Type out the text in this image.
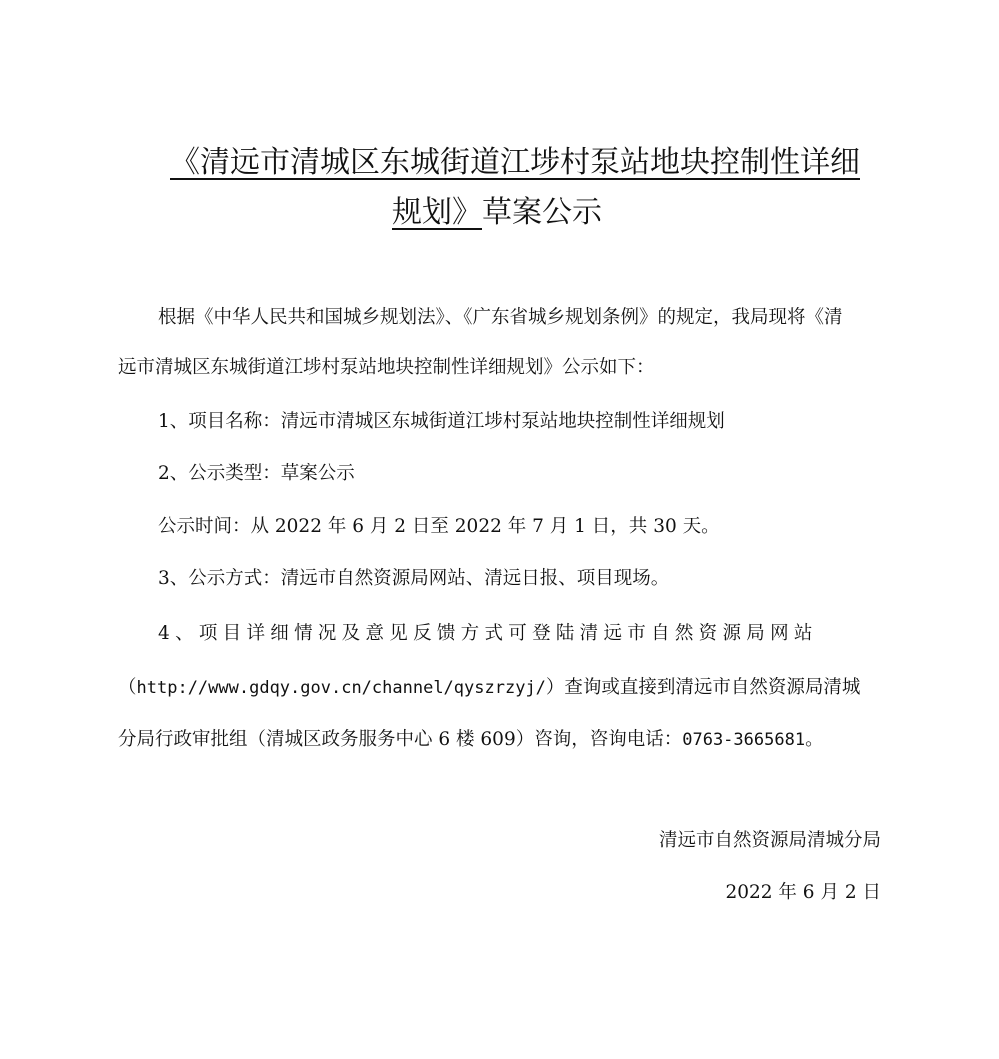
《清远市清城区东城街道江埗村泵站地块控制性详细
规划》草案公示
根据《中华人民共和国城乡规划法》、《广东省城乡规划条例》的规定，我局现将《清
远市清城区东城街道江埗村泵站地块控制性详细规划》公示如下：
1、项目名称：清远市清城区东城街道江埗村泵站地块控制性详细规划
2、公示类型：草案公示
公示时间：从 2022 年 6 月 2 日至 2022 年 7 月 1 日，共 30 天。
3、公示方式：清远市自然资源局网站、清远日报、项目现场。
4、项目详细情况及意见反馈方式可登陆清远市自然资源局网站
（http://www.gdqy.gov.cn/channel/qyszrzyj/）查询或直接到清远市自然资源局清城
分局行政审批组（清城区政务服务中心 6 楼 609）咨询，咨询电话：0763-3665681。
清远市自然资源局清城分局
2022 年 6 月 2 日
